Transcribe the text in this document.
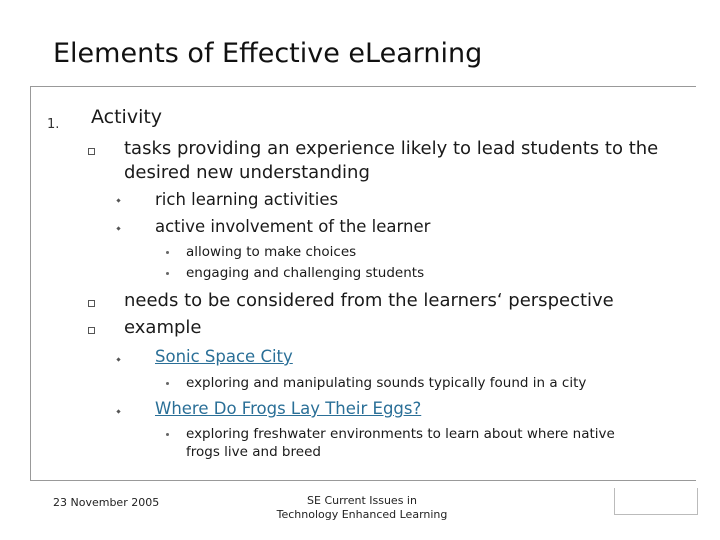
Elements of Effective eLearning
1. Activity
tasks providing an experience likely to lead students to the
desired new understanding
rich learning activities
active involvement of the learner
allowing to make choices
engaging and challenging students
needs to be considered from the learners‘ perspective
example
Sonic Space City
exploring and manipulating sounds typically found in a city
Where Do Frogs Lay Their Eggs?
exploring freshwater environments to learn about where native
frogs live and breed
23 November 2005	SE Current Issues in
Technology Enhanced Learning
